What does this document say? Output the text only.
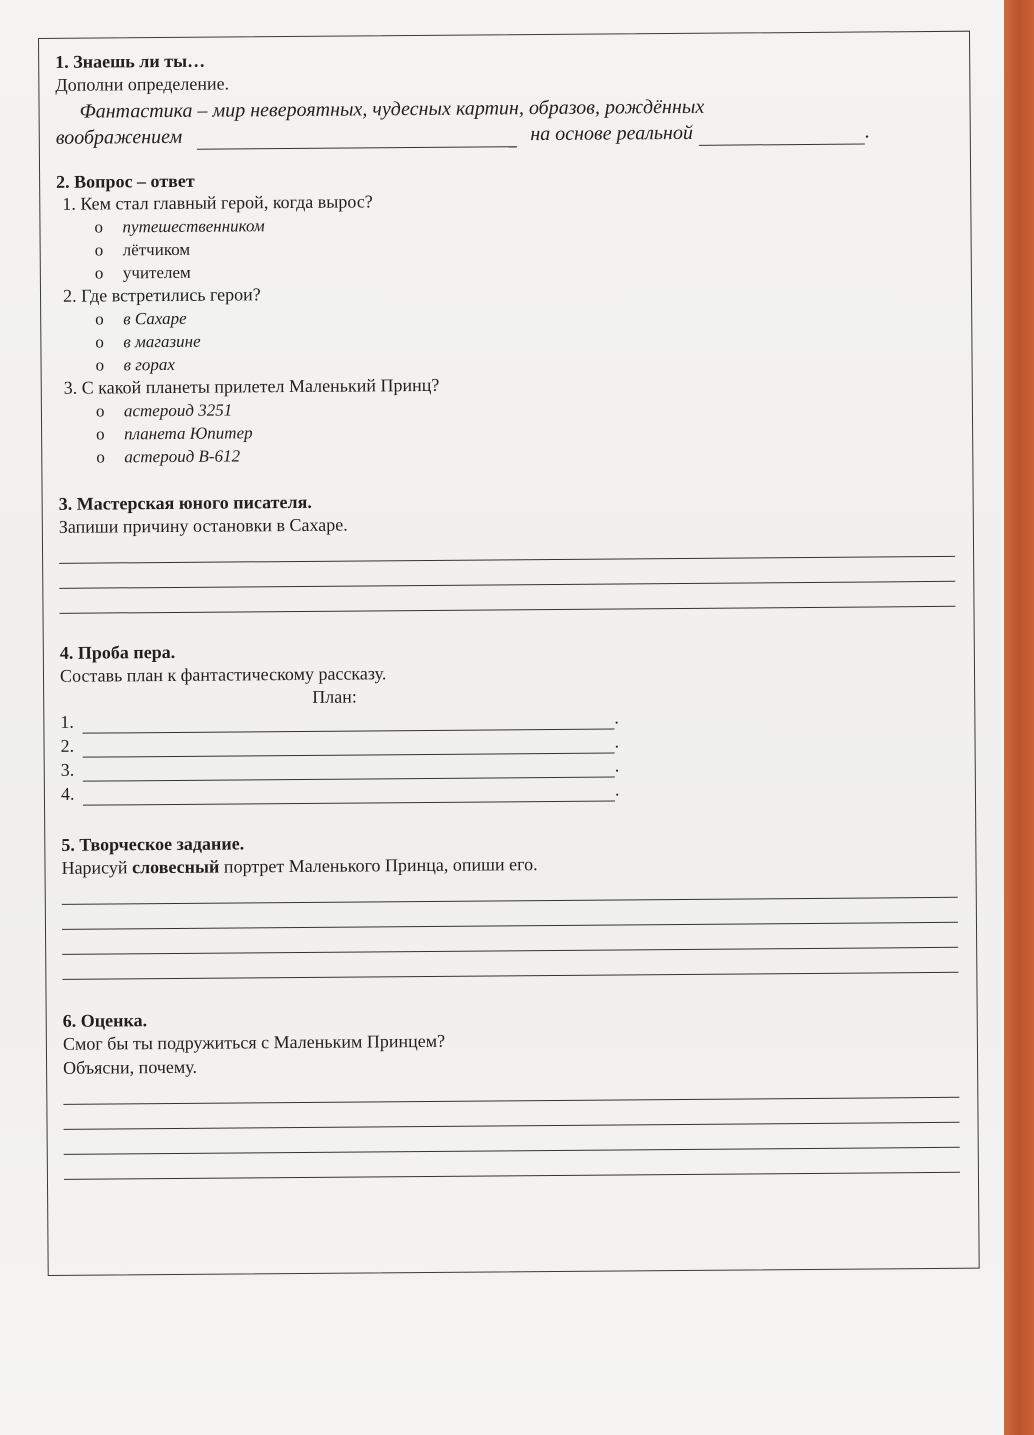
1. Знаешь ли ты…
Дополни определение.
Фантастика – мир невероятных, чудесных картин, образов, рождённых
воображением	на основе реальной	.
2. Вопрос – ответ
1. Кем стал главный герой, когда вырос?
o путешественником
o лётчиком
o учителем
2. Где встретились герои?
o в Сахаре
o в магазине
o в горах
3. С какой планеты прилетел Маленький Принц?
o астероид 3251
o планета Юпитер
o астероид В-612
3. Мастерская юного писателя.
Запиши причину остановки в Сахаре.
4. Проба пера.
Составь план к фантастическому рассказу.
План:
1.	.
2.	.
3.	.
4.	.
5. Творческое задание.
Нарисуй словесный портрет Маленького Принца, опиши его.
6. Оценка.
Смог бы ты подружиться с Маленьким Принцем?
Объясни, почему.
